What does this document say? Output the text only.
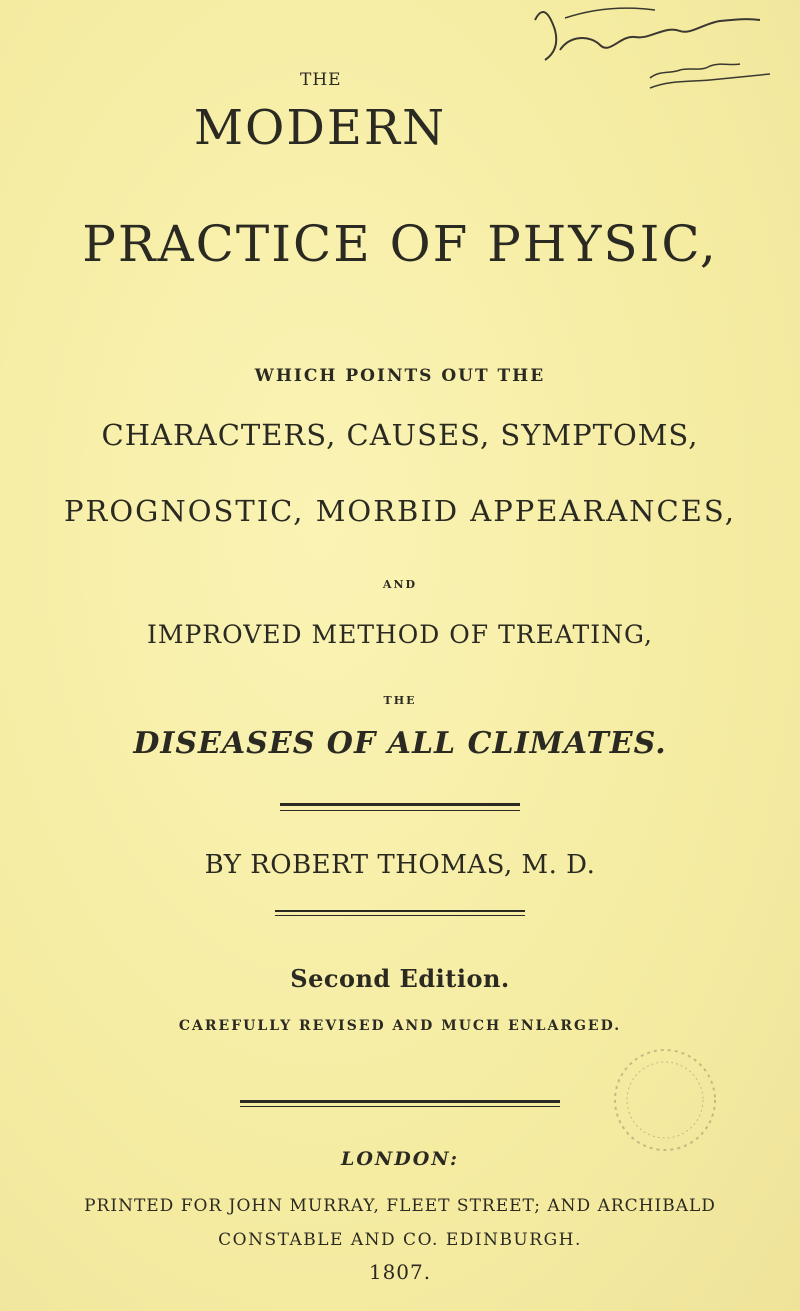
THE
MODERN
PRACTICE OF PHYSIC,
WHICH POINTS OUT THE
CHARACTERS, CAUSES, SYMPTOMS,
PROGNOSTIC, MORBID APPEARANCES,
AND
IMPROVED METHOD OF TREATING,
THE
DISEASES OF ALL CLIMATES.
BY ROBERT THOMAS, M. D.
Second Edition.
CAREFULLY REVISED AND MUCH ENLARGED.
LONDON:
PRINTED FOR JOHN MURRAY, FLEET STREET; AND ARCHIBALD
CONSTABLE AND CO. EDINBURGH.
1807.
